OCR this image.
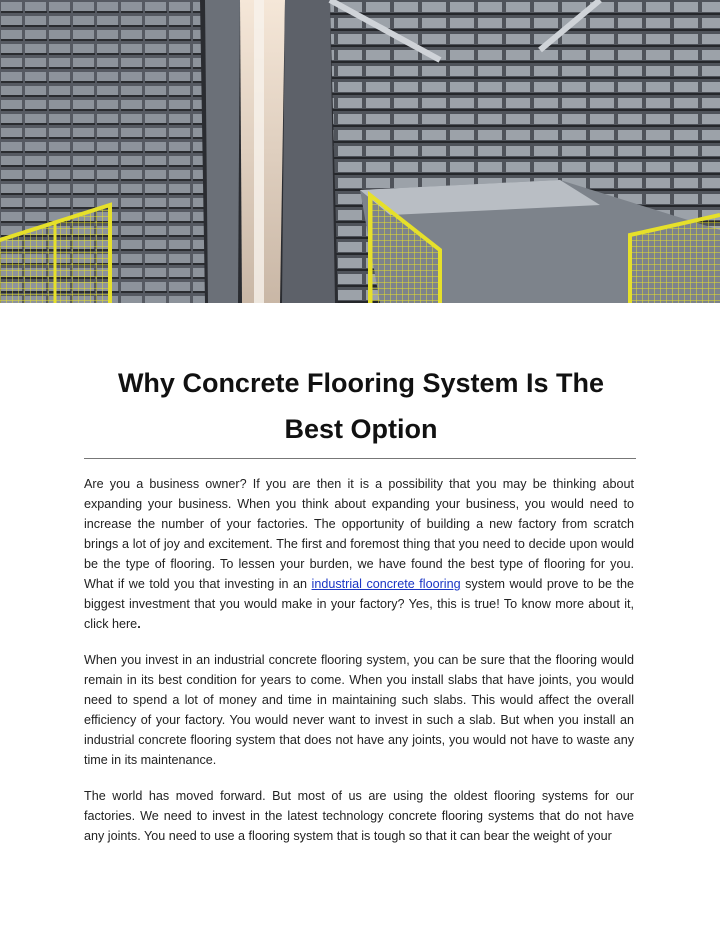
Why Concrete Flooring System Is The Best Option

Are you a business owner? If you are then it is a possibility that you may be thinking about expanding your business. When you think about expanding your business, you would need to increase the number of your factories. The opportunity of building a new factory from scratch brings a lot of joy and excitement. The first and foremost thing that you need to decide upon would be the type of flooring. To lessen your burden, we have found the best type of flooring for you. What if we told you that investing in an industrial concrete flooring system would prove to be the biggest investment that you would make in your factory? Yes, this is true! To know more about it, click here.

When you invest in an industrial concrete flooring system, you can be sure that the flooring would remain in its best condition for years to come. When you install slabs that have joints, you would need to spend a lot of money and time in maintaining such slabs. This would affect the overall efficiency of your factory. You would never want to invest in such a slab. But when you install an industrial concrete flooring system that does not have any joints, you would not have to waste any time in its maintenance.

The world has moved forward. But most of us are using the oldest flooring systems for our factories. We need to invest in the latest technology concrete flooring systems that do not have any joints. You need to use a flooring system that is tough so that it can bear the weight of your
